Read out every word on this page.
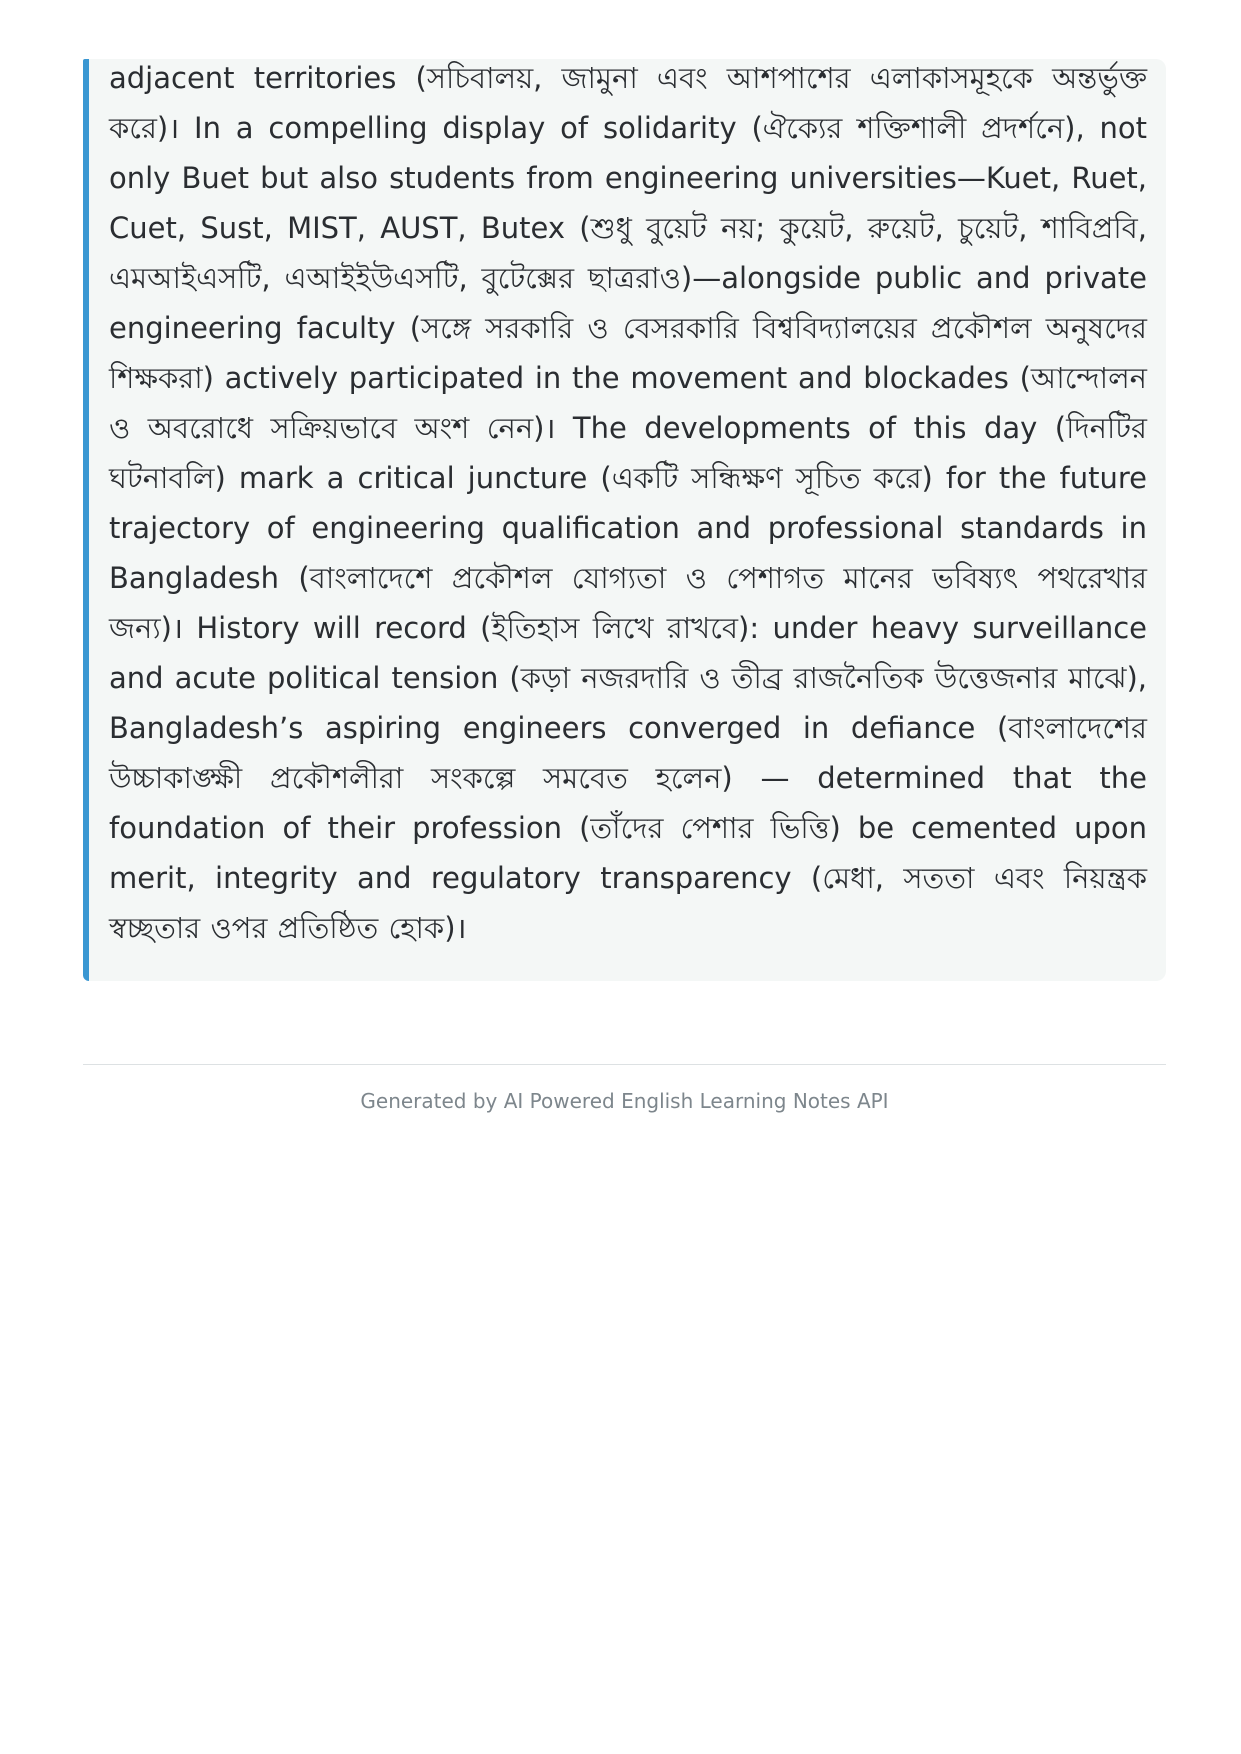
adjacent territories (সচিবালয়, জামুনা এবং আশপাশের এলাকাসমূহকে অন্তর্ভুক্ত করে)। In a compelling display of solidarity (ঐক্যের শক্তিশালী প্রদর্শনে), not only Buet but also students from engineering universities—Kuet, Ruet, Cuet, Sust, MIST, AUST, Butex (শুধু বুয়েট নয়; কুয়েট, রুয়েট, চুয়েট, শাবিপ্রবি, এমআইএসটি, এআইইউএসটি, বুটেক্সের ছাত্ররাও)—alongside public and private engineering faculty (সঙ্গে সরকারি ও বেসরকারি বিশ্ববিদ্যালয়ের প্রকৌশল অনুষদের শিক্ষকরা) actively participated in the movement and blockades (আন্দোলন ও অবরোধে সক্রিয়ভাবে অংশ নেন)। The developments of this day (দিনটির ঘটনাবলি) mark a critical juncture (একটি সন্ধিক্ষণ সূচিত করে) for the future trajectory of engineering qualification and professional standards in Bangladesh (বাংলাদেশে প্রকৌশল যোগ্যতা ও পেশাগত মানের ভবিষ্যৎ পথরেখার জন্য)। History will record (ইতিহাস লিখে রাখবে): under heavy surveillance and acute political tension (কড়া নজরদারি ও তীব্র রাজনৈতিক উত্তেজনার মাঝে), Bangladesh’s aspiring engineers converged in defiance (বাংলাদেশের উচ্চাকাঙ্ক্ষী প্রকৌশলীরা সংকল্পে সমবেত হলেন) — determined that the foundation of their profession (তাঁদের পেশার ভিত্তি) be cemented upon merit, integrity and regulatory transparency (মেধা, সততা এবং নিয়ন্ত্রক স্বচ্ছতার ওপর প্রতিষ্ঠিত হোক)।

Generated by AI Powered English Learning Notes API
